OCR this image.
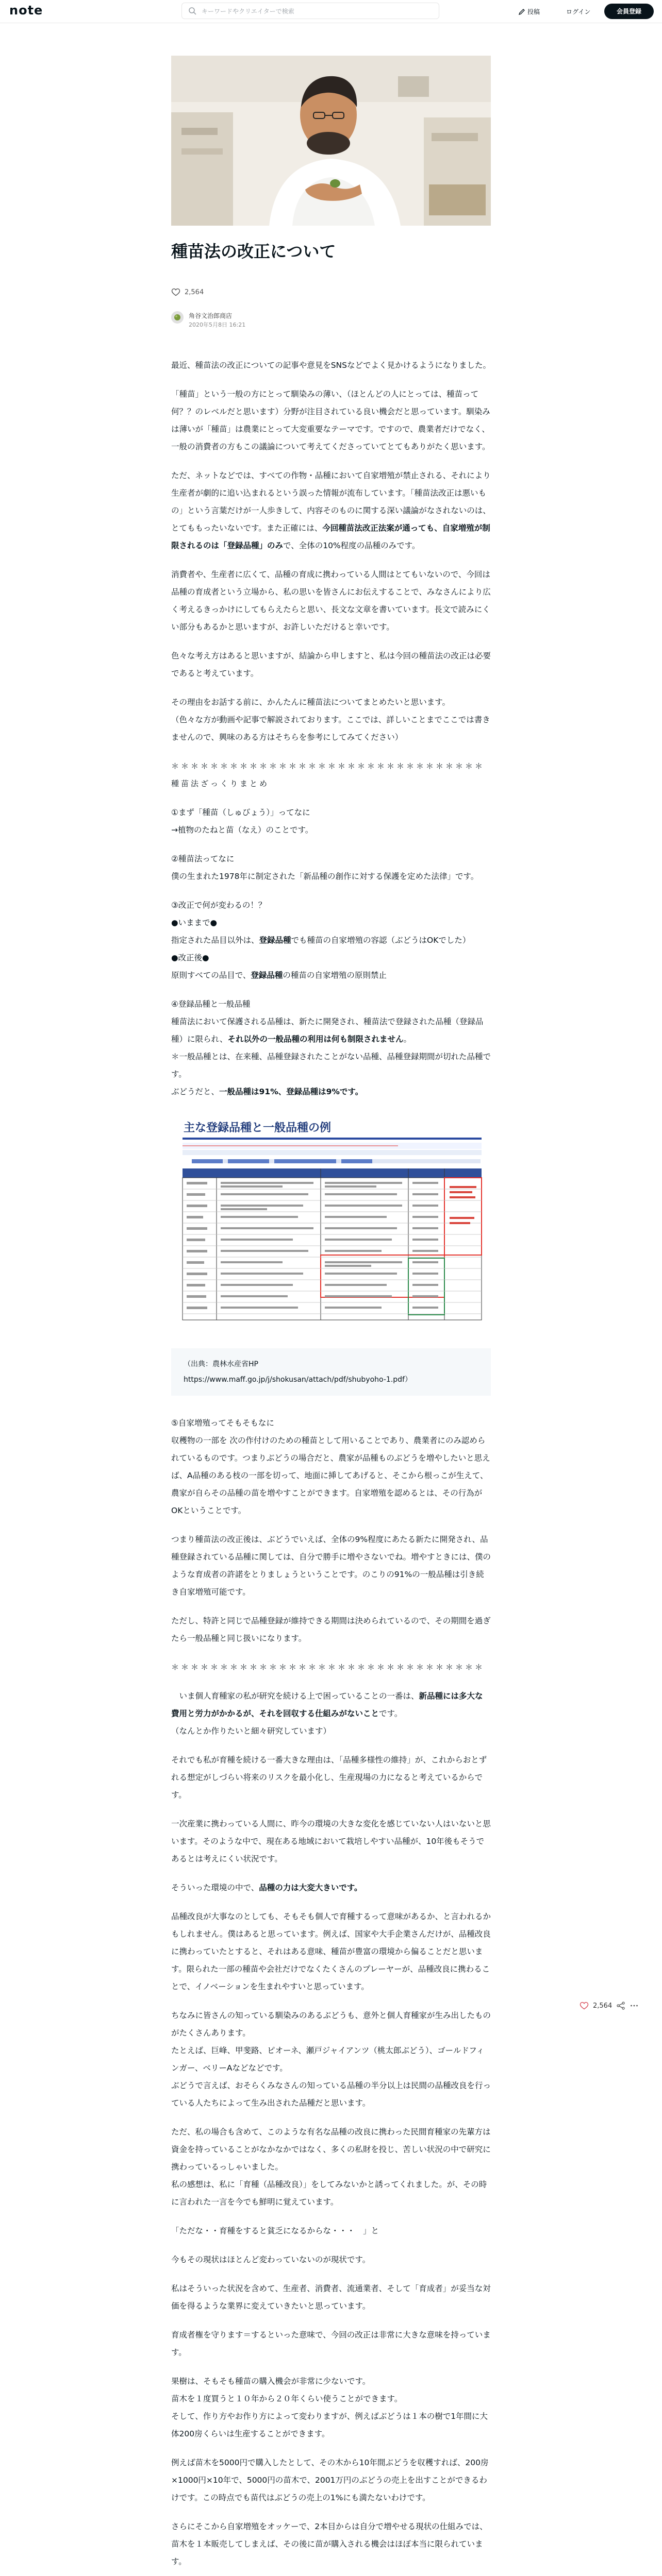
note
キーワードやクリエイターで検索	投稿	ログイン	会員登録
種苗法の改正について
2,564
角谷文治郎商店
2020年5月8日 16:21

最近、種苗法の改正についての記事や意見をSNSなどでよく見かけるようになりました。

「種苗」という一般の方にとって馴染みの薄い、（ほとんどの人にとっては、種苗って何？？のレベルだと思います）分野が注目されている良い機会だと思っています。馴染みは薄いが「種苗」は農業にとって大変重要なテーマです。ですので、農業者だけでなく、一般の消費者の方もこの議論について考えてくださっていてとてもありがたく思います。

ただ、ネットなどでは、すべての作物・品種において自家増殖が禁止される、それにより生産者が劇的に追い込まれるという誤った情報が流布しています。「種苗法改正は悪いもの」という言葉だけが一人歩きして、内容そのものに関する深い議論がなされないのは、とてももったいないです。また正確には、今回種苗法改正法案が通っても、自家増殖が制限されるのは「登録品種」のみで、全体の10%程度の品種のみです。

消費者や、生産者に広くて、品種の育成に携わっている人間はとてもいないので、今回は品種の育成者という立場から、私の思いを皆さんにお伝えすることで、みなさんにより広く考えるきっかけにしてもらえたらと思い、長文な文章を書いています。長文で読みにくい部分もあるかと思いますが、お許しいただけると幸いです。

色々な考え方はあると思いますが、結論から申しますと、私は今回の種苗法の改正は必要であると考えています。

その理由をお話する前に、かんたんに種苗法についてまとめたいと思います。
（色々な方が動画や記事で解説されております。ここでは、詳しいことまでここでは書きませんので、興味のある方はそちらを参考にしてみてください）

＊＊＊＊＊＊＊＊＊＊＊＊＊＊＊＊＊＊＊＊＊＊＊＊＊＊＊＊＊＊＊＊
種苗法ざっくりまとめ

①まず「種苗（しゅびょう）」ってなに
→植物のたねと苗（なえ）のことです。

②種苗法ってなに
僕の生まれた1978年に制定された「新品種の創作に対する保護を定めた法律」です。

③改正で何が変わるの！？
●いままで●
指定された品目以外は、登録品種でも種苗の自家増殖の容認（ぶどうはOKでした）
●改正後●
原則すべての品目で、登録品種の種苗の自家増殖の原則禁止

④登録品種と一般品種
種苗法において保護される品種は、新たに開発され、種苗法で登録された品種（登録品種）に限られ、それ以外の一般品種の利用は何も制限されません。
＊一般品種とは、在来種、品種登録されたことがない品種、品種登録期間が切れた品種です。
ぶどうだと、一般品種は91%、登録品種は9%です。

主な登録品種と一般品種の例
（出典：農林水産省HP
https://www.maff.go.jp/j/shokusan/attach/pdf/shubyoho-1.pdf）

⑤自家増殖ってそもそもなに
収穫物の一部を 次の作付けのための種苗として用いることであり、農業者にのみ認められているものです。つまりぶどうの場合だと、農家が品種ものぶどうを増やしたいと思えば、A品種のある枝の一部を切って、地面に挿してあげると、そこから根っこが生えて、農家が自らその品種の苗を増やすことができます。自家増殖を認めるとは、その行為がOKということです。

つまり種苗法の改正後は、ぶどうでいえば、全体の9%程度にあたる新たに開発され、品種登録されている品種に関しては、自分で勝手に増やさないでね。増やすときには、僕のような育成者の許諾をとりましょうということです。のこりの91%の一般品種は引き続き自家増殖可能です。

ただし、特許と同じで品種登録が維持できる期間は決められているので、その期間を過ぎたら一般品種と同じ扱いになります。

＊＊＊＊＊＊＊＊＊＊＊＊＊＊＊＊＊＊＊＊＊＊＊＊＊＊＊＊＊＊＊＊

　いま個人育種家の私が研究を続ける上で困っていることの一番は、新品種には多大な費用と労力がかかるが、それを回収する仕組みがないことです。
（なんとか作りたいと細々研究しています）

それでも私が育種を続ける一番大きな理由は、「品種多様性の維持」が、これからおとずれる想定がしづらい将来のリスクを最小化し、生産現場の力になると考えているからです。

一次産業に携わっている人間に、昨今の環境の大きな変化を感じていない人はいないと思います。そのような中で、現在ある地域において栽培しやすい品種が、10年後もそうであるとは考えにくい状況です。

そういった環境の中で、品種の力は大変大きいです。

品種改良が大事なのとしても、そもそも個人で育種するって意味があるか、と言われるかもしれません。僕はあると思っています。例えば、国家や大手企業さんだけが、品種改良に携わっていたとすると、それはある意味、種苗が豊富の環境から偏ることだと思います。限られた一部の種苗や会社だけでなくたくさんのプレーヤーが、品種改良に携わることで、イノベーションを生まれやすいと思っています。

ちなみに皆さんの知っている馴染みのあるぶどうも、意外と個人育種家が生み出したものがたくさんあります。
たとえば、巨峰、甲斐路、ピオーネ、瀬戸ジャイアンツ（桃太郎ぶどう）、ゴールドフィンガー、ベリーAなどなどです。
ぶどうで言えば、おそらくみなさんの知っている品種の半分以上は民間の品種改良を行っている人たちによって生み出された品種だと思います。

ただ、私の場合も含めて、このような有名な品種の改良に携わった民間育種家の先輩方は資金を持っていることがなかなかではなく、多くの私財を投じ、苦しい状況の中で研究に携わっているっしゃいました。
私の感想は、私に「育種（品種改良）」をしてみないかと誘ってくれました。が、その時に言われた一言を今でも鮮明に覚えています。

「ただな・・育種をすると貧乏になるからな・・・　」と

今もその現状はほとんど変わっていないのが現状です。

私はそういった状況を含めて、生産者、消費者、流通業者、そして「育成者」が妥当な対価を得るような業界に変えていきたいと思っています。

育成者権を守ります＝するといった意味で、今回の改正は非常に大きな意味を持っています。

果樹は、そもそも種苗の購入機会が非常に少ないです。
苗木を１度買うと１０年から２０年くらい使うことができます。
そして、作り方やお作り方によって変わりますが、例えばぶどうは１本の樹で1年間に大体200房くらいは生産することができます。

例えば苗木を5000円で購入したとして、その木から10年間ぶどうを収穫すれば、200房×1000円×10年で、5000円の苗木で、2001万円のぶどうの売上を出すことができるわけです。この時点でも苗代はぶどうの売上の1%にも満たないわけです。

さらにそこから自家増殖をオッケーで、2本目からは自分で増やせる現状の仕組みでは、苗木を１本販売してしまえば、その後に苗が購入される機会はほぼ本当に限られています。

2,564
